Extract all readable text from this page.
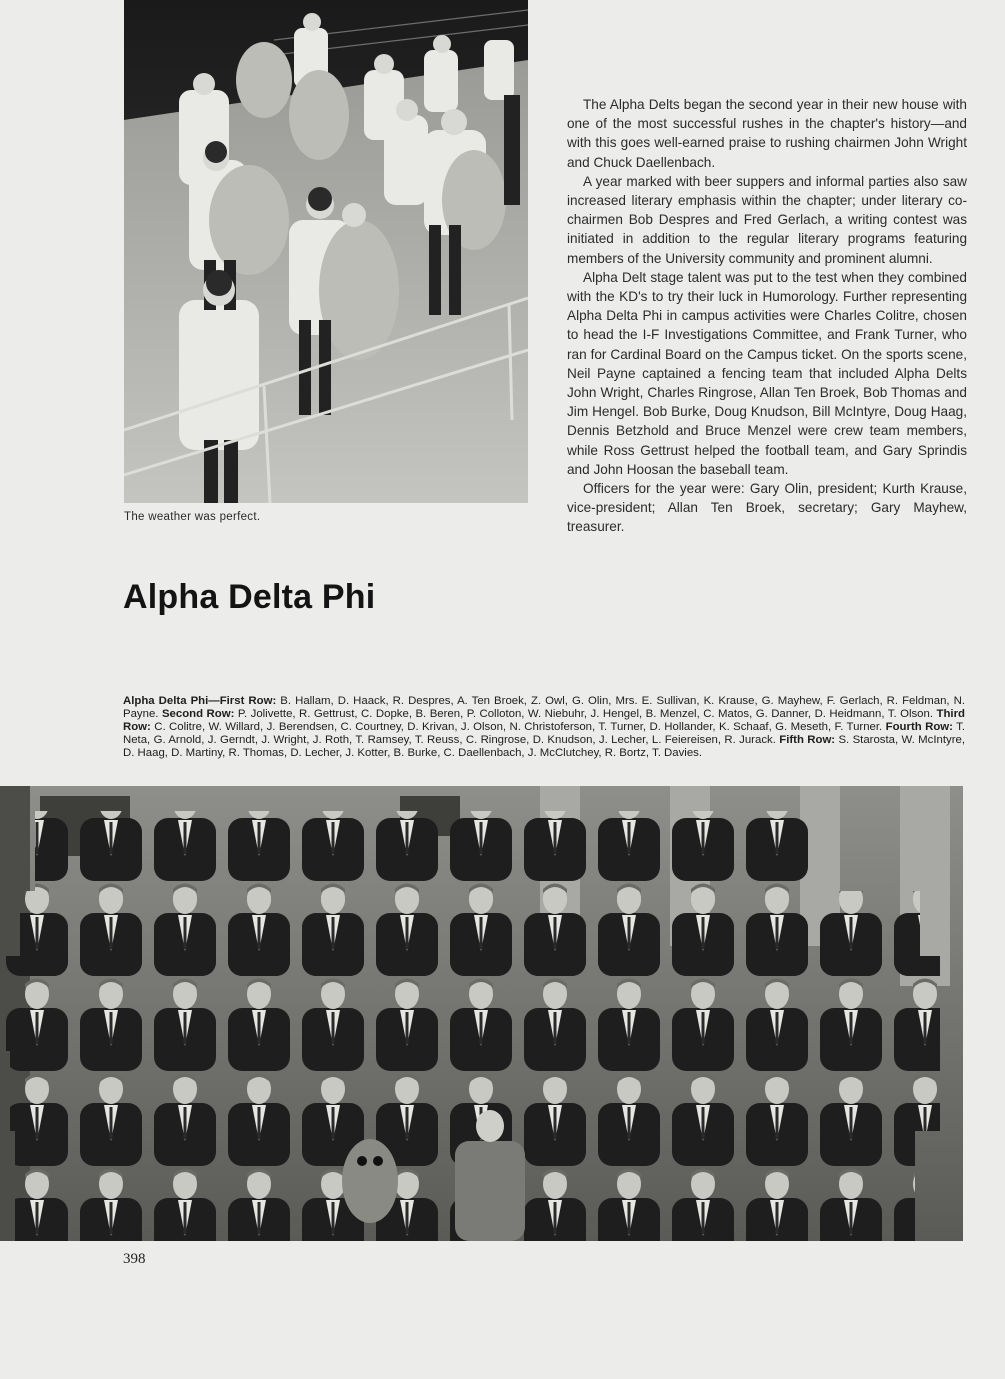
The weather was perfect.
Alpha Delta Phi

The Alpha Delts began the second year in their new house with one of the most successful rushes in the chapter's history—and with this goes well-earned praise to rushing chairmen John Wright and Chuck Daellenbach.

A year marked with beer suppers and informal parties also saw increased literary emphasis within the chapter; under literary co-chairmen Bob Despres and Fred Gerlach, a writing contest was initiated in addition to the regular literary programs featuring members of the University community and prominent alumni.

Alpha Delt stage talent was put to the test when they combined with the KD's to try their luck in Humorology. Further representing Alpha Delta Phi in campus activities were Charles Colitre, chosen to head the I-F Investigations Committee, and Frank Turner, who ran for Cardinal Board on the Campus ticket. On the sports scene, Neil Payne captained a fencing team that included Alpha Delts John Wright, Charles Ringrose, Allan Ten Broek, Bob Thomas and Jim Hengel. Bob Burke, Doug Knudson, Bill McIntyre, Doug Haag, Dennis Betzhold and Bruce Menzel were crew team members, while Ross Gettrust helped the football team, and Gary Sprindis and John Hoosan the baseball team.

Officers for the year were: Gary Olin, president; Kurth Krause, vice-president; Allan Ten Broek, secretary; Gary Mayhew, treasurer.

Alpha Delta Phi—First Row: B. Hallam, D. Haack, R. Despres, A. Ten Broek, Z. Owl, G. Olin, Mrs. E. Sullivan, K. Krause, G. Mayhew, F. Gerlach, R. Feldman, N. Payne. Second Row: P. Jolivette, R. Gettrust, C. Dopke, B. Beren, P. Colloton, W. Niebuhr, J. Hengel, B. Menzel, C. Matos, G. Danner, D. Heidmann, T. Olson. Third Row: C. Colitre, W. Willard, J. Berendsen, C. Courtney, D. Krivan, J. Olson, N. Christoferson, T. Turner, D. Hollander, K. Schaaf, G. Meseth, F. Turner. Fourth Row: T. Neta, G. Arnold, J. Gerndt, J. Wright, J. Roth, T. Ramsey, T. Reuss, C. Ringrose, D. Knudson, J. Lecher, L. Feiereisen, R. Jurack. Fifth Row: S. Starosta, W. McIntyre, D. Haag, D. Martiny, R. Thomas, D. Lecher, J. Kotter, B. Burke, C. Daellenbach, J. McClutchey, R. Bortz, T. Davies.
398
